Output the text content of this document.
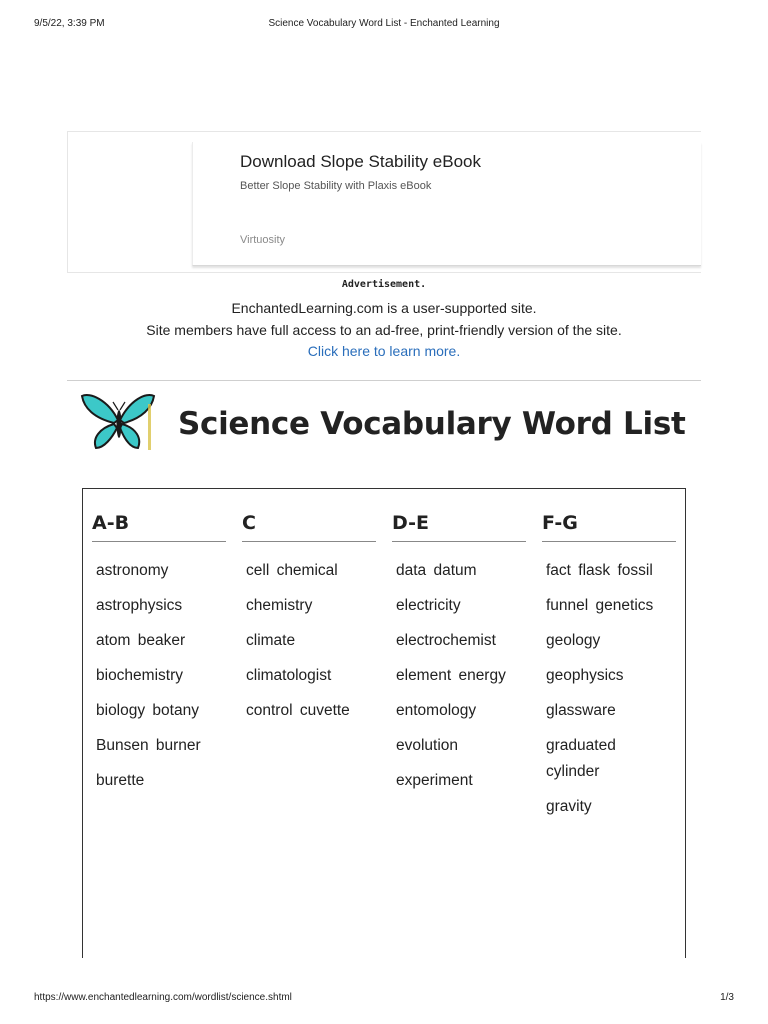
9/5/22, 3:39 PM	Science Vocabulary Word List - Enchanted Learning
Download Slope Stability eBook
Better Slope Stability with Plaxis eBook
Virtuosity
Advertisement.
EnchantedLearning.com is a user-supported site.
Site members have full access to an ad-free, print-friendly version of the site.
Click here to learn more.
Science Vocabulary Word List
A-B
astronomy
astrophysics
atom beaker
biochemistry
biology botany
Bunsen burner
burette
C
cell chemical
chemistry
climate
climatologist
control cuvette
D-E
data datum
electricity
electrochemist
element energy
entomology
evolution
experiment
F-G
fact flask fossil
funnel genetics
geology
geophysics
glassware
graduated cylinder
gravity
https://www.enchantedlearning.com/wordlist/science.shtml	1/3
